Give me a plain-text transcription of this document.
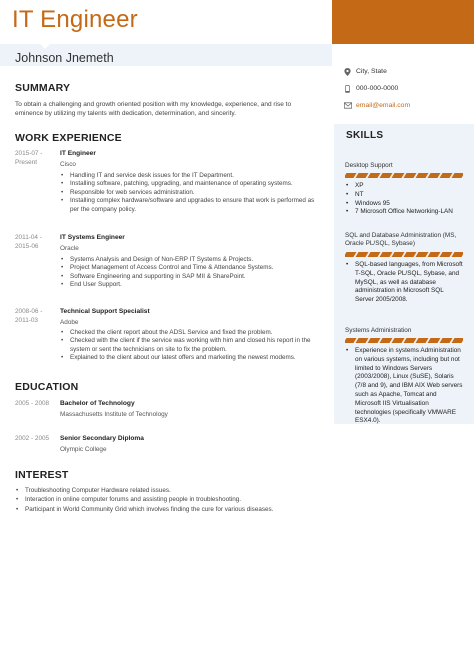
IT Engineer
Johnson Jnemeth
City, State
000-000-0000
email@email.com
SKILLS
Desktop Support
• XP
• NT
• Windows 95
• 7 Microsoft Office Networking-LAN
SQL and Database Administration (MS, Oracle PL/SQL, Sybase)
• SQL-based languages, from Microsoft T-SQL, Oracle PL/SQL, Sybase, and MySQL, as well as database administration in Microsoft SQL Server 2005/2008.
Systems Administration
• Experience in systems Administration on various systems, including but not limited to Windows Servers (2003/2008), Linux (SuSE), Solaris (7/8 and 9), and IBM AIX Web servers such as Apache, Tomcat and Microsoft IIS Virtualisation technologies (specifically VMWARE ESX4.0).
SUMMARY
To obtain a challenging and growth oriented position with my knowledge, experience, and rise to eminence by utilizing my talents with dedication, determination, and sincerity.
WORK EXPERIENCE
2015-07 -
Present
IT Engineer
Cisco
• Handling IT and service desk issues for the IT Department.
• Installing software, patching, upgrading, and maintenance of operating systems.
• Responsible for web services administration.
• Installing complex hardware/software and upgrades to ensure that work is performed as per the company policy.
2011-04 -
2015-06
IT Systems Engineer
Oracle
• Systems Analysis and Design of Non-ERP IT Systems & Projects.
• Project Management of Access Control and Time & Attendance Systems.
• Software Engineering and supporting in SAP MII & SharePoint.
• End User Support.
2008-06 -
2011-03
Technical Support Specialist
Adobe
• Checked the client report about the ADSL Service and fixed the problem.
• Checked with the client if the service was working with him and closed his report in the system or sent the technicians on site to fix the problem.
• Explained to the client about our latest offers and marketing the newest modems.
EDUCATION
2005 - 2008	Bachelor of Technology
Massachusetts Institute of Technology
2002 - 2005	Senior Secondary Diploma
Olympic College
INTEREST
• Troubleshooting Computer Hardware related issues.
• Interaction in online computer forums and assisting people in troubleshooting.
• Participant in World Community Grid which involves finding the cure for various diseases.
